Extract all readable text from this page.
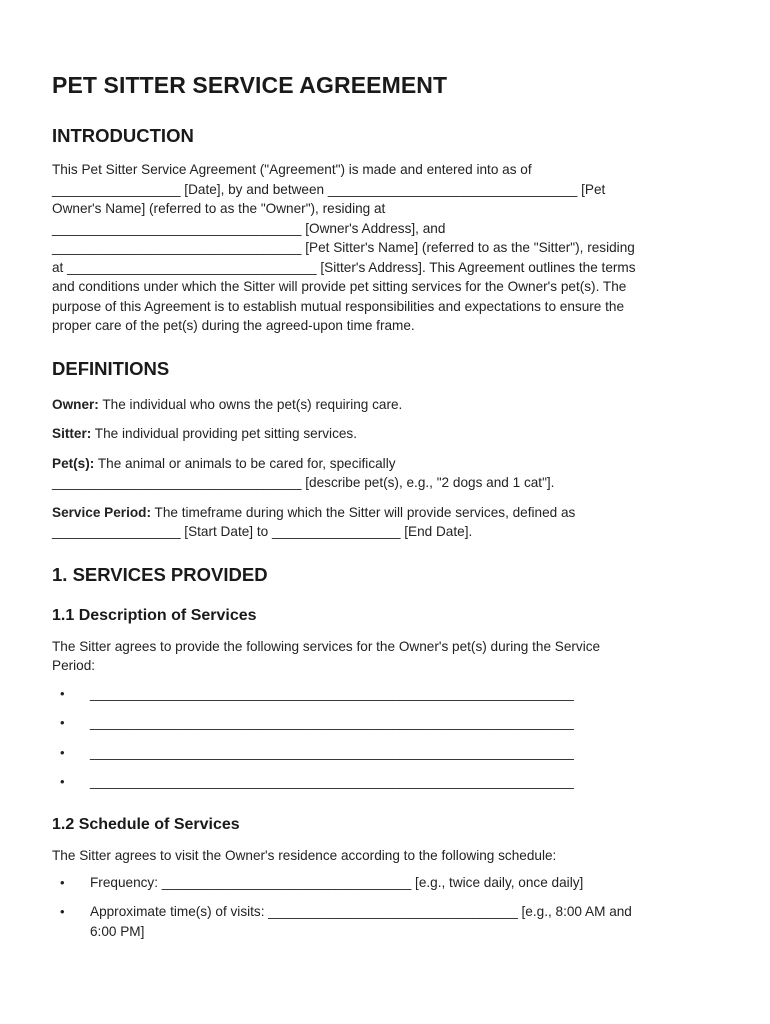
PET SITTER SERVICE AGREEMENT
INTRODUCTION

This Pet Sitter Service Agreement ("Agreement") is made and entered into as of
_________________ [Date], by and between _________________________________ [Pet
Owner's Name] (referred to as the "Owner"), residing at
_________________________________ [Owner's Address], and
_________________________________ [Pet Sitter's Name] (referred to as the "Sitter"), residing
at _________________________________ [Sitter's Address]. This Agreement outlines the terms
and conditions under which the Sitter will provide pet sitting services for the Owner's pet(s). The
purpose of this Agreement is to establish mutual responsibilities and expectations to ensure the
proper care of the pet(s) during the agreed-upon time frame.

DEFINITIONS

Owner: The individual who owns the pet(s) requiring care.

Sitter: The individual providing pet sitting services.

Pet(s): The animal or animals to be cared for, specifically
_________________________________ [describe pet(s), e.g., "2 dogs and 1 cat"].

Service Period: The timeframe during which the Sitter will provide services, defined as
_________________ [Start Date] to _________________ [End Date].

1. SERVICES PROVIDED
1.1 Description of Services

The Sitter agrees to provide the following services for the Owner's pet(s) during the Service
Period:

• ________________________________________________________________
• ________________________________________________________________
• ________________________________________________________________
• ________________________________________________________________
1.2 Schedule of Services

The Sitter agrees to visit the Owner's residence according to the following schedule:

• Frequency: _________________________________ [e.g., twice daily, once daily]
• Approximate time(s) of visits: _________________________________ [e.g., 8:00 AM and
6:00 PM]
